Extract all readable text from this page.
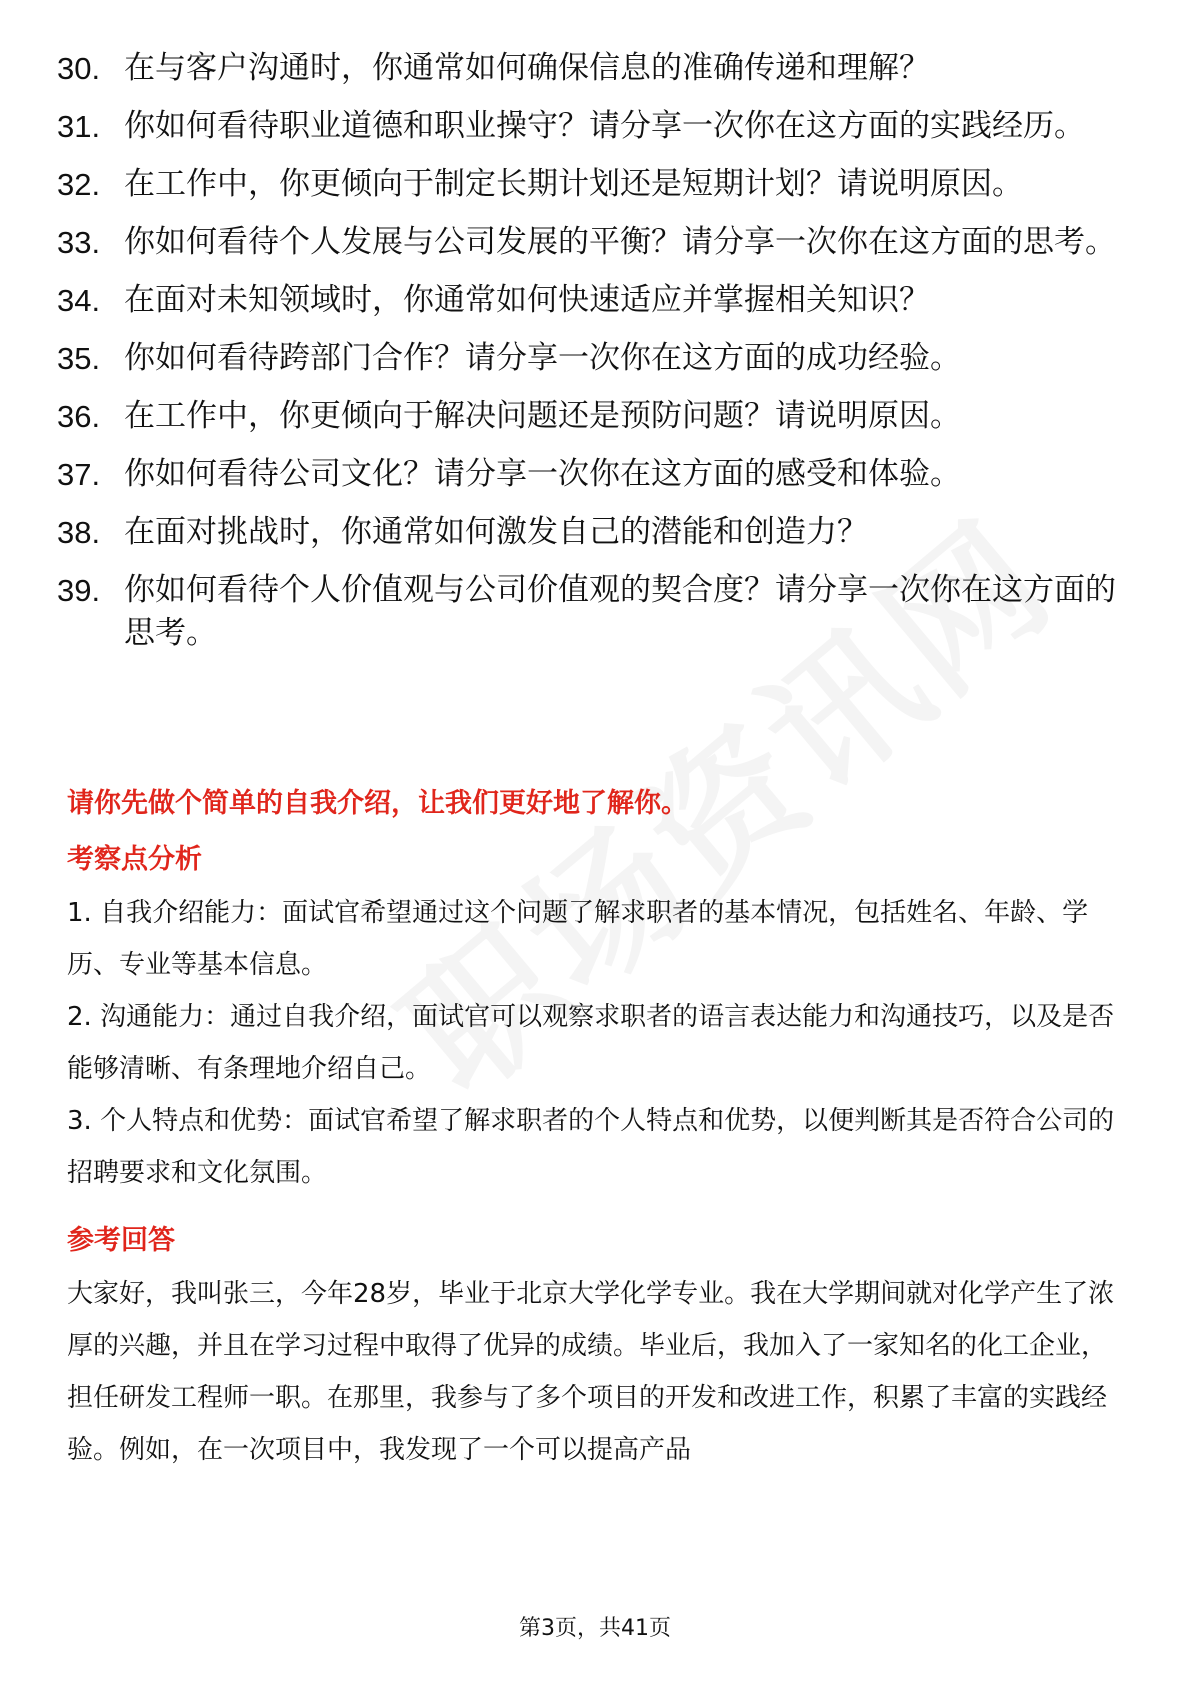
30. 在与客户沟通时，你通常如何确保信息的准确传递和理解？
31. 你如何看待职业道德和职业操守？请分享一次你在这方面的实践经历。
32. 在工作中，你更倾向于制定长期计划还是短期计划？请说明原因。
33. 你如何看待个人发展与公司发展的平衡？请分享一次你在这方面的思考。
34. 在面对未知领域时，你通常如何快速适应并掌握相关知识？
35. 你如何看待跨部门合作？请分享一次你在这方面的成功经验。
36. 在工作中，你更倾向于解决问题还是预防问题？请说明原因。
37. 你如何看待公司文化？请分享一次你在这方面的感受和体验。
38. 在面对挑战时，你通常如何激发自己的潜能和创造力？
39. 你如何看待个人价值观与公司价值观的契合度？请分享一次你在这方面的思考。
请你先做个简单的自我介绍，让我们更好地了解你。
考察点分析

1. 自我介绍能力：面试官希望通过这个问题了解求职者的基本情况，包括姓名、年龄、学历、专业等基本信息。

2. 沟通能力：通过自我介绍，面试官可以观察求职者的语言表达能力和沟通技巧，以及是否能够清晰、有条理地介绍自己。

3. 个人特点和优势：面试官希望了解求职者的个人特点和优势，以便判断其是否符合公司的招聘要求和文化氛围。

参考回答

大家好，我叫张三，今年28岁，毕业于北京大学化学专业。我在大学期间就对化学产生了浓厚的兴趣，并且在学习过程中取得了优异的成绩。毕业后，我加入了一家知名的化工企业，担任研发工程师一职。在那里，我参与了多个项目的开发和改进工作，积累了丰富的实践经验。例如，在一次项目中，我发现了一个可以提高产品

第3页，共41页
